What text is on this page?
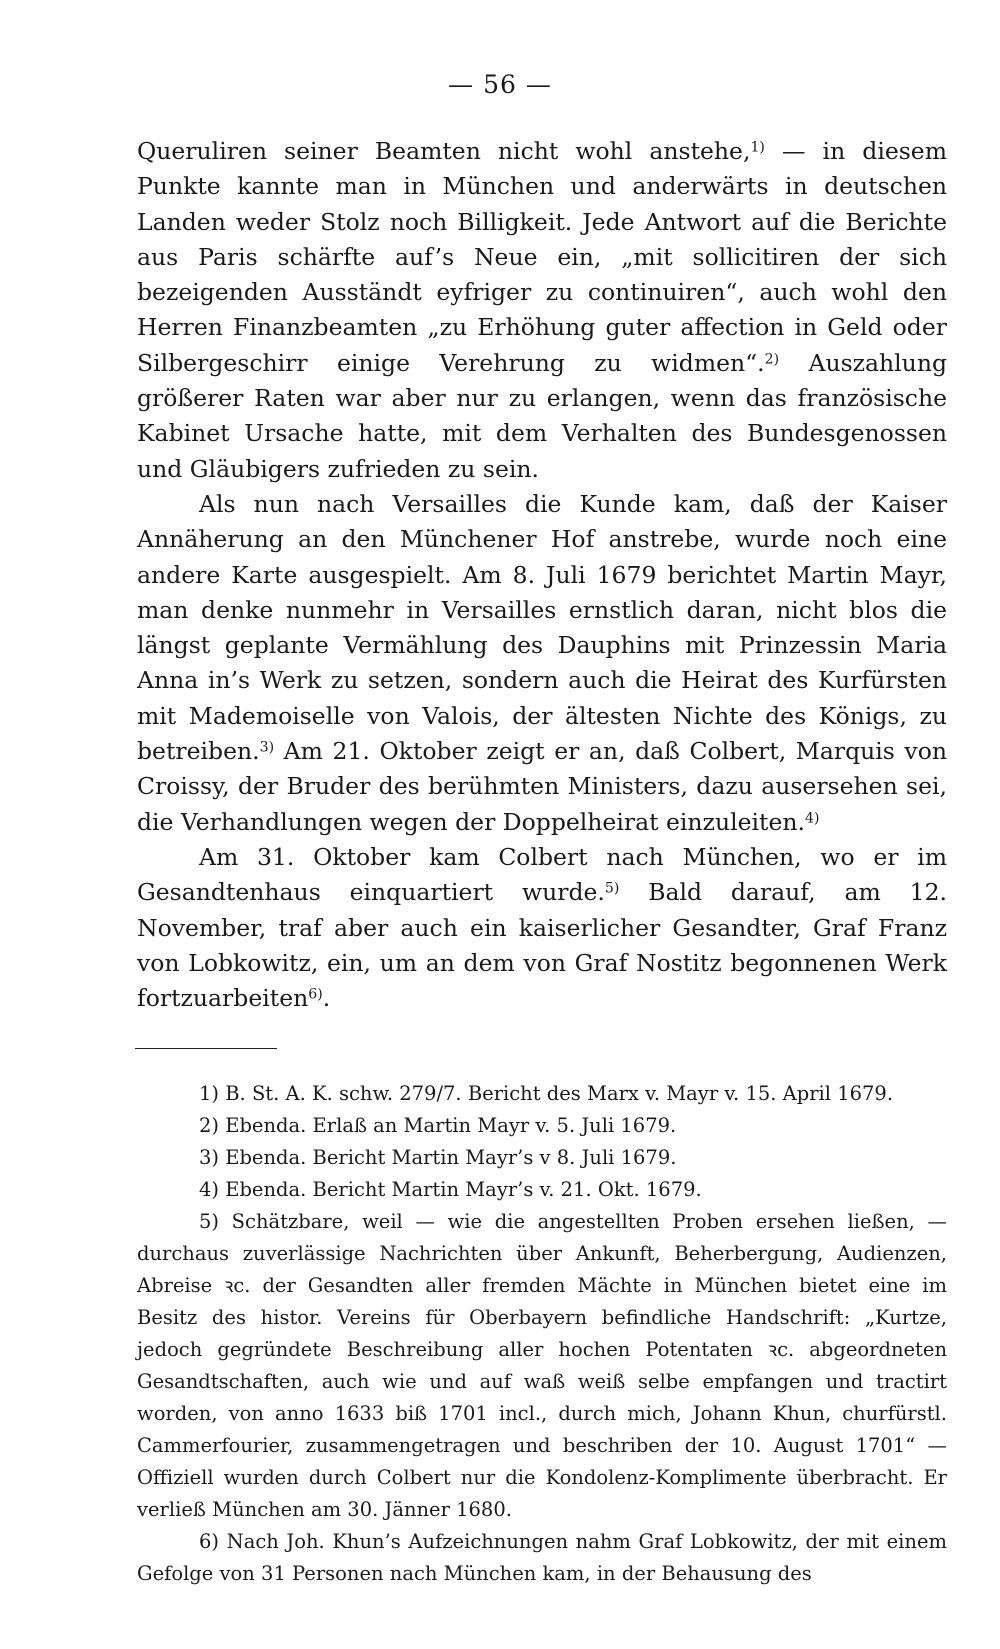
— 56 —

Queruliren seiner Beamten nicht wohl anstehe,$^{1)}$ — in diesem Punkte kannte man in München und anderwärts in deutschen Landen weder Stolz noch Billigkeit. Jede Antwort auf die Berichte aus Paris schärfte auf’s Neue ein, „mit sollicitiren der sich bezeigenden Ausständt eyfriger zu continuiren“, auch wohl den Herren Finanzbeamten „zu Erhöhung guter affection in Geld oder Silbergeschirr einige Verehrung zu widmen“.$^{2)}$ Auszahlung größerer Raten war aber nur zu erlangen, wenn das französische Kabinet Ursache hatte, mit dem Verhalten des Bundesgenossen und Gläubigers zufrieden zu sein.

Als nun nach Versailles die Kunde kam, daß der Kaiser Annäherung an den Münchener Hof anstrebe, wurde noch eine andere Karte ausgespielt. Am 8. Juli 1679 berichtet Martin Mayr, man denke nunmehr in Versailles ernstlich daran, nicht blos die längst geplante Vermählung des Dauphins mit Prinzessin Maria Anna in’s Werk zu setzen, sondern auch die Heirat des Kurfürsten mit Mademoiselle von Valois, der ältesten Nichte des Königs, zu betreiben.$^{3)}$ Am 21. Oktober zeigt er an, daß Colbert, Marquis von Croissy, der Bruder des berühmten Ministers, dazu ausersehen sei, die Verhandlungen wegen der Doppelheirat einzuleiten.$^{4)}$

Am 31. Oktober kam Colbert nach München, wo er im Gesandtenhaus einquartiert wurde.$^{5)}$ Bald darauf, am 12. November, traf aber auch ein kaiserlicher Gesandter, Graf Franz von Lobkowitz, ein, um an dem von Graf Nostitz begonnenen Werk fortzuarbeiten$^{6)}$.

1) B. St. A. K. schw. 279/7. Bericht des Marx v. Mayr v. 15. April 1679.

2) Ebenda. Erlaß an Martin Mayr v. 5. Juli 1679.

3) Ebenda. Bericht Martin Mayr’s v 8. Juli 1679.

4) Ebenda. Bericht Martin Mayr’s v. 21. Okt. 1679.

5) Schätzbare, weil — wie die angestellten Proben ersehen ließen, — durchaus zuverlässige Nachrichten über Ankunft, Beherbergung, Audienzen, Abreise ꝛc. der Gesandten aller fremden Mächte in München bietet eine im Besitz des histor. Vereins für Oberbayern befindliche Handschrift: „Kurtze, jedoch gegründete Beschreibung aller hochen Potentaten ꝛc. abgeordneten Gesandtschaften, auch wie und auf waß weiß selbe empfangen und tractirt worden, von anno 1633 biß 1701 incl., durch mich, Johann Khun, churfürstl. Cammerfourier, zusammengetragen und beschriben der 10. August 1701“ — Offiziell wurden durch Colbert nur die Kondolenz-Komplimente überbracht. Er verließ München am 30. Jänner 1680.

6) Nach Joh. Khun’s Aufzeichnungen nahm Graf Lobkowitz, der mit einem Gefolge von 31 Personen nach München kam, in der Behausung des
